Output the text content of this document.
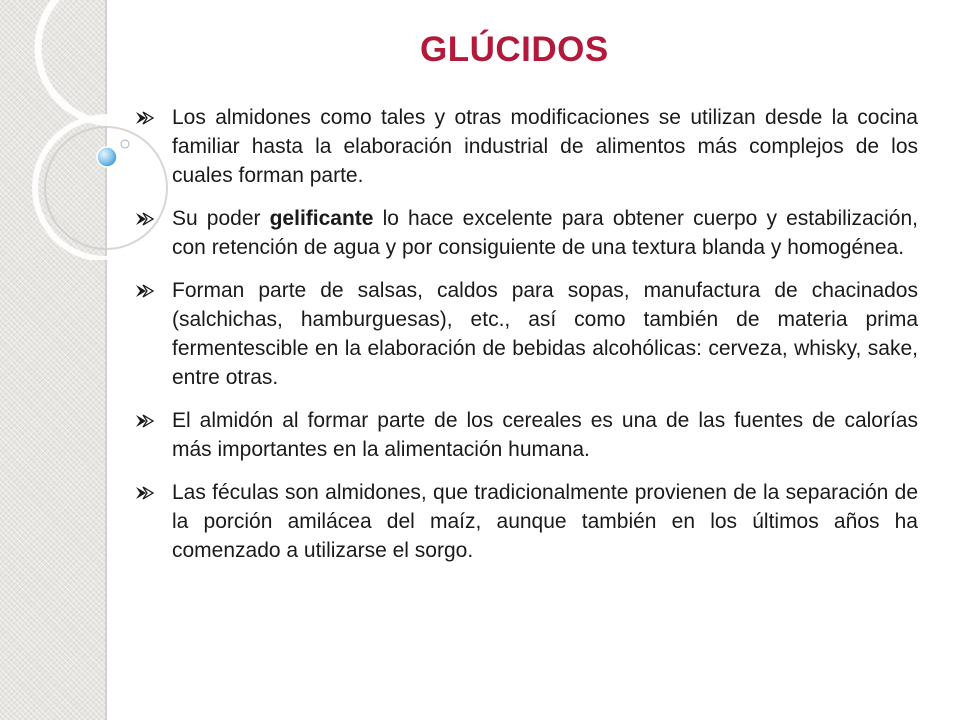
GLÚCIDOS
Los almidones como tales y otras modificaciones se utilizan desde la cocina familiar hasta la elaboración industrial de alimentos más complejos de los cuales forman parte.
Su poder gelificante lo hace excelente para obtener cuerpo y estabilización, con retención de agua y por consiguiente de una textura blanda y homogénea.
Forman parte de salsas, caldos para sopas, manufactura de chacinados (salchichas, hamburguesas), etc., así como también de materia prima fermentescible en la elaboración de bebidas alcohólicas: cerveza, whisky, sake, entre otras.
El almidón al formar parte de los cereales es una de las fuentes de calorías más importantes en la alimentación humana.
Las féculas son almidones, que tradicionalmente provienen de la separación de la porción amilácea del maíz, aunque también en los últimos años ha comenzado a utilizarse el sorgo.
